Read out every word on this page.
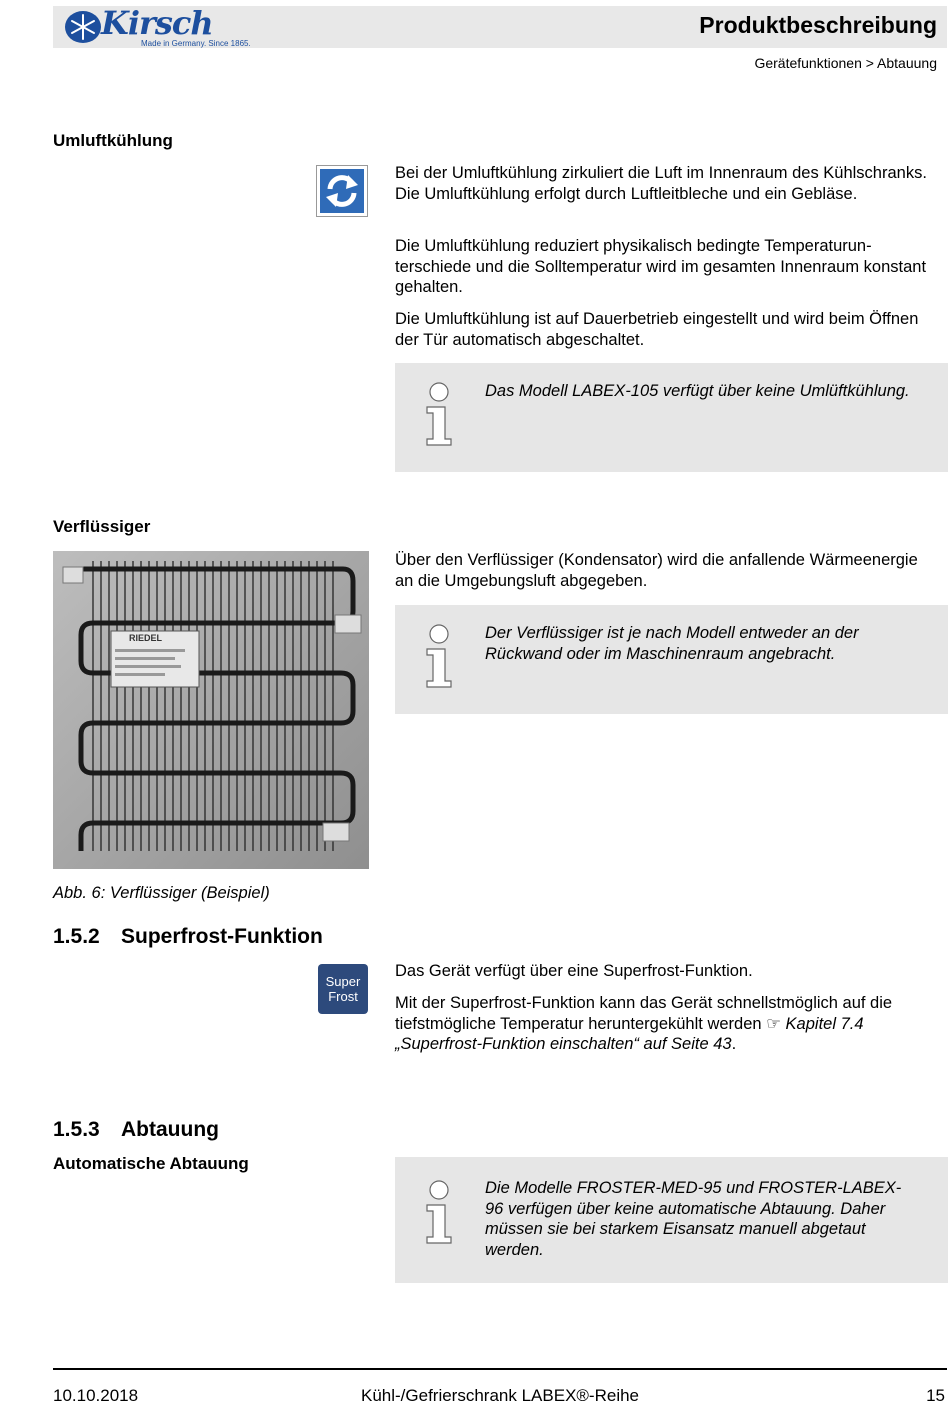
Kirsch
Made in Germany. Since 1865.
Produktbeschreibung
Gerätefunktionen > Abtauung
Umluftkühlung

Bei der Umluftkühlung zirkuliert die Luft im Innenraum des Kühlschranks. Die Umluftkühlung erfolgt durch Luftleitbleche und ein Gebläse.

Die Umluftkühlung reduziert physikalisch bedingte Temperaturunterschiede und die Solltemperatur wird im gesamten Innenraum konstant gehalten.

Die Umluftkühlung ist auf Dauerbetrieb eingestellt und wird beim Öffnen der Tür automatisch abgeschaltet.

Das Modell LABEX-105 verfügt über keine Umlüftkühlung.

Verflüssiger
RIEDEL

Über den Verflüssiger (Kondensator) wird die anfallende Wärmeenergie an die Umgebungsluft abgegeben.

Der Verflüssiger ist je nach Modell entweder an der Rückwand oder im Maschinenraum angebracht.

Abb. 6: Verflüssiger (Beispiel)
1.5.2 Superfrost-Funktion
Super
Frost

Das Gerät verfügt über eine Superfrost-Funktion.

Mit der Superfrost-Funktion kann das Gerät schnellstmöglich auf die tiefstmögliche Temperatur heruntergekühlt werden ☞ Kapitel 7.4 „Superfrost-Funktion einschalten“ auf Seite 43.

1.5.3 Abtauung
Automatische Abtauung

Die Modelle FROSTER-MED-95 und FROSTER-LABEX-96 verfügen über keine automatische Abtauung. Daher müssen sie bei starkem Eisansatz manuell abgetaut werden.

10.10.2018	Kühl-/Gefrierschrank LABEX®-Reihe	15
